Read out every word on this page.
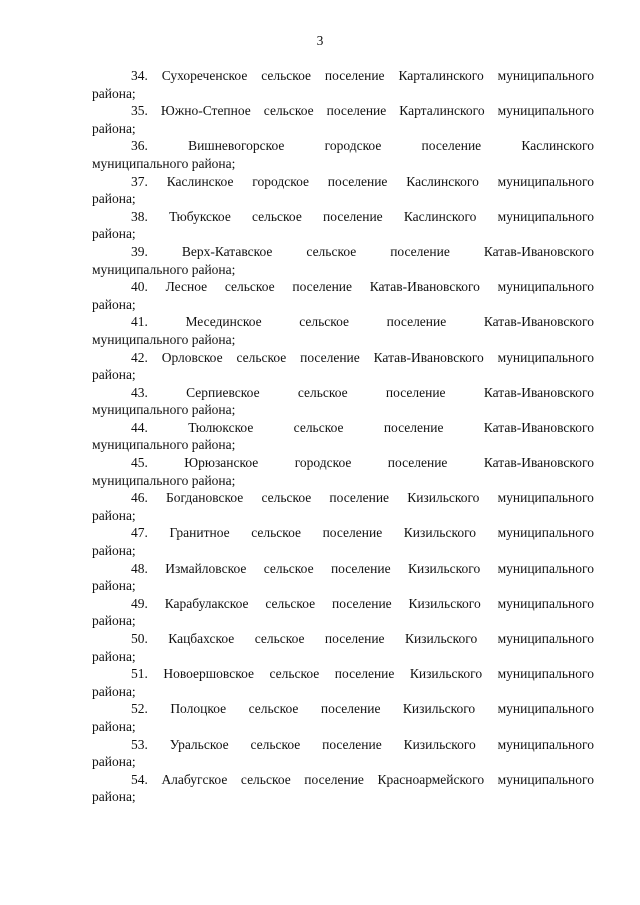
3

34. Сухореченское сельское поселение Карталинского муниципального
района;

35. Южно-Степное сельское поселение Карталинского муниципального
района;

36.	Вишневогорское	городское	поселение	Каслинского
муниципального района;

37. Каслинское городское поселение Каслинского муниципального
района;

38. Тюбукское сельское поселение Каслинского муниципального
района;

39.	Верх-Катавское	сельское	поселение	Катав-Ивановского
муниципального района;

40. Лесное сельское поселение Катав-Ивановского муниципального
района;

41.	Месединское	сельское	поселение	Катав-Ивановского
муниципального района;

42. Орловское сельское поселение Катав-Ивановского муниципального
района;

43.	Серпиевское	сельское	поселение	Катав-Ивановского
муниципального района;

44.	Тюлюкское	сельское	поселение	Катав-Ивановского
муниципального района;

45.	Юрюзанское	городское	поселение	Катав-Ивановского
муниципального района;

46. Богдановское сельское поселение Кизильского муниципального
района;

47. Гранитное сельское поселение Кизильского муниципального
района;

48. Измайловское сельское поселение Кизильского муниципального
района;

49. Карабулакское сельское поселение Кизильского муниципального
района;

50. Кацбахское сельское поселение Кизильского муниципального
района;

51. Новоершовское сельское поселение Кизильского муниципального
района;

52. Полоцкое сельское поселение Кизильского муниципального
района;

53. Уральское сельское поселение Кизильского муниципального
района;

54. Алабугское сельское поселение Красноармейского муниципального
района;
